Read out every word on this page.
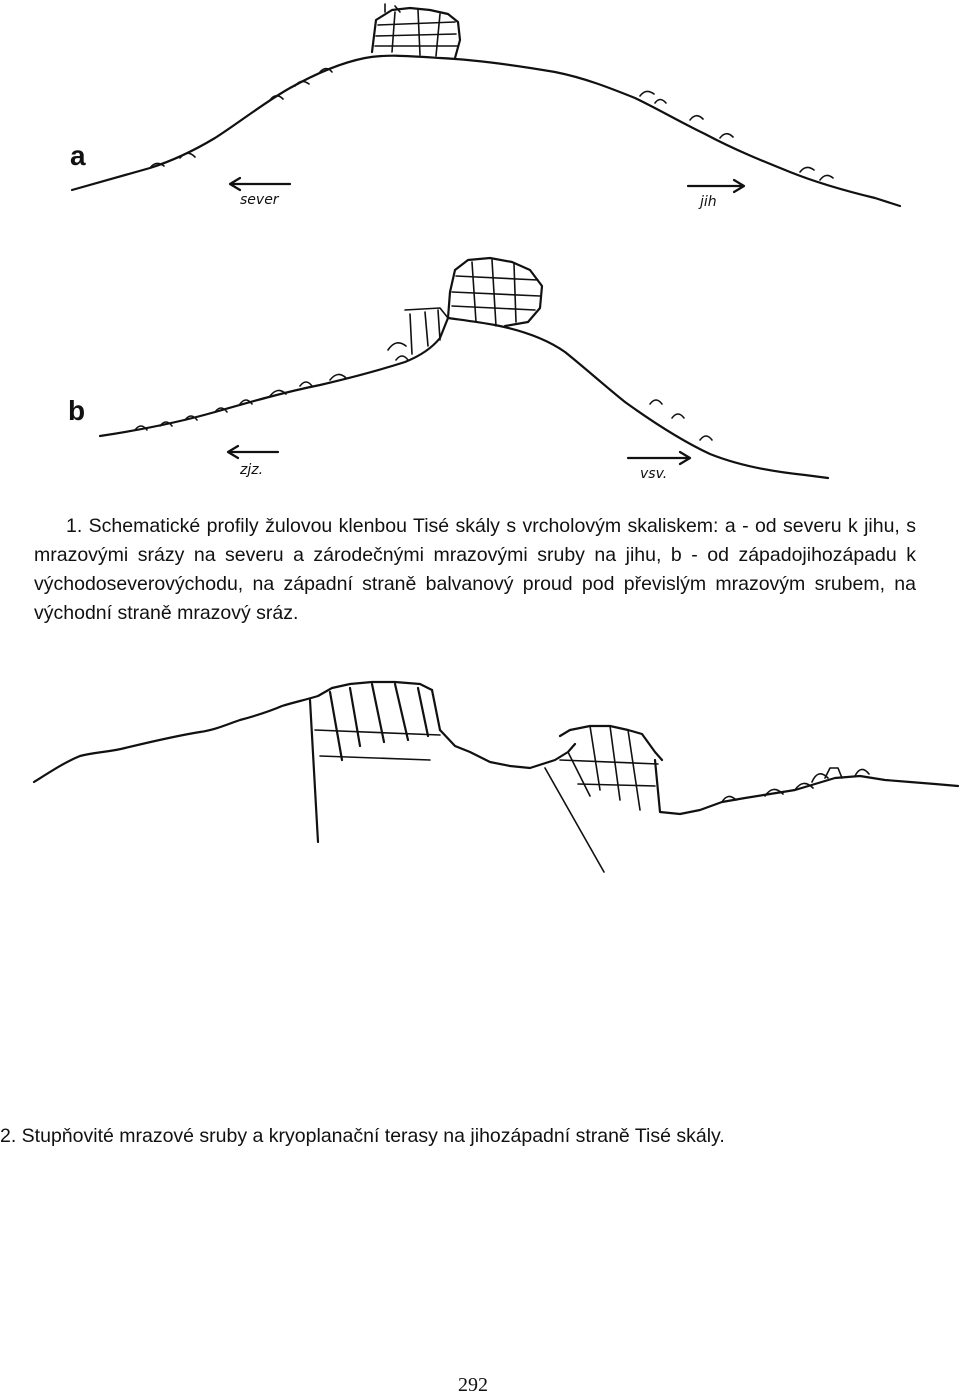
a
sever	jih
b
zjz.	vsv.
1. Schematické profily žulovou klenbou Tisé skály s vrcholovým skaliskem: a - od severu k jihu, s mrazovými srázy na severu a zárodečnými mrazovými sruby na jihu, b - od západojihozápadu k východoseverovýchodu, na západní straně balvanový proud pod převislým mrazovým srubem, na východní straně mrazový sráz.
2. Stupňovité mrazové sruby a kryoplanační terasy na jihozápadní straně Tisé skály.
292
